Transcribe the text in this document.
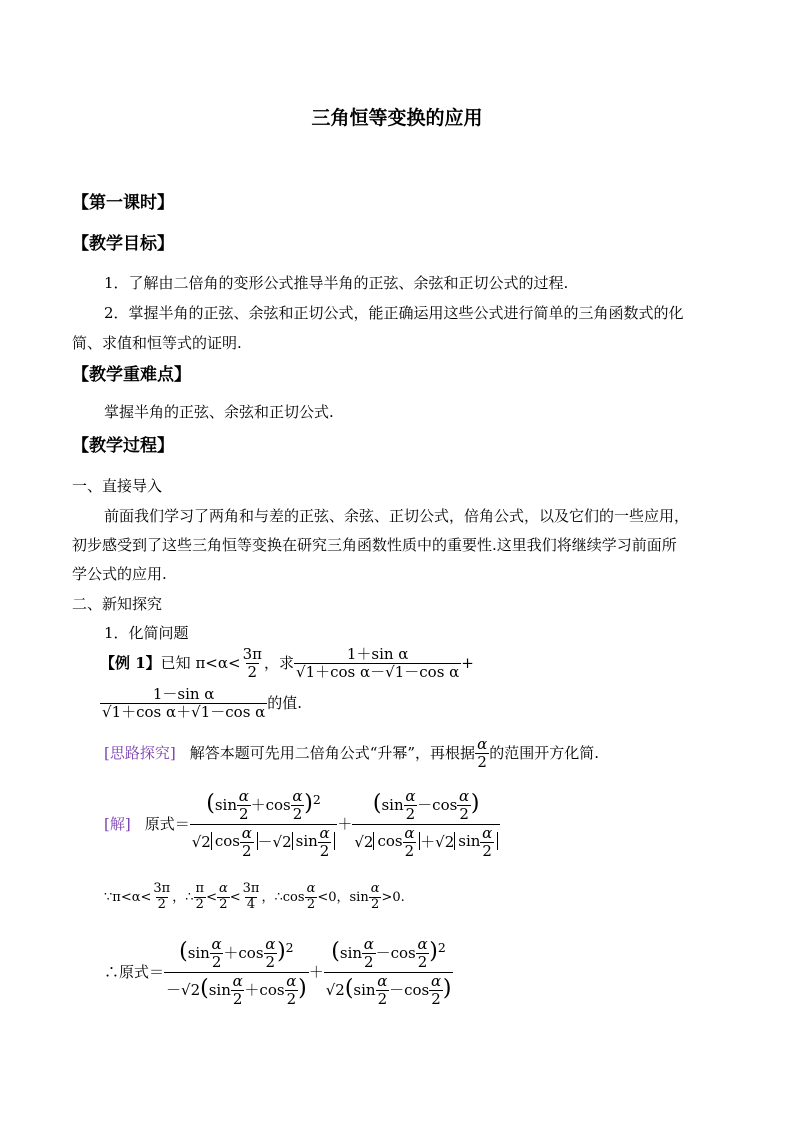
三角恒等变换的应用
【第一课时】
【教学目标】
1．了解由二倍角的变形公式推导半角的正弦、余弦和正切公式的过程.
2．掌握半角的正弦、余弦和正切公式，能正确运用这些公式进行简单的三角函数式的化
简、求值和恒等式的证明.
【教学重难点】
掌握半角的正弦、余弦和正切公式.
【教学过程】
一、直接导入
前面我们学习了两角和与差的正弦、余弦、正切公式，倍角公式，以及它们的一些应用，
初步感受到了这些三角恒等变换在研究三角函数性质中的重要性.这里我们将继续学习前面所
学公式的应用.
二、新知探究
1．化简问题
【例 1】 已知 $\pi<\alpha< \frac{3\pi}{2}$ ，求 $\frac{\text{1＋sin α}}{\text{√1＋cos α－√1－cos α}}$ +
$\frac{\text{1－sin α}}{\text{√1＋cos α＋√1－cos α}}$ 的值.
[思路探究] 解答本题可先用二倍角公式“升幂”，再根据 $\frac{\alpha}{2}$ 的范围开方化简.
[解] 原式＝ $\frac{(\sin \frac{\alpha}{2} +\cos \frac{\alpha}{2} )^2}{√2 \cos \frac{\alpha}{2} -√2 \sin \frac{\alpha}{2}} + \frac{(\sin \frac{\alpha}{2} -\cos \frac{\alpha}{2} )}{√2 \cos \frac{\alpha}{2} +√2 \sin \frac{\alpha}{2}}$
∵π<α< $\frac{3\pi}{2}$ ， ∴ $\frac{\pi}{2} < \frac{\alpha}{2} < \frac{3\pi}{4}$ ， ∴cos $\frac{\alpha}{2} <0$， $\sin \frac{\alpha}{2} >0$.
∴原式＝ $\frac{(\sin \frac{\alpha}{2} +\cos \frac{\alpha}{2} )^2}{-√2(\sin \frac{\alpha}{2} +\cos \frac{\alpha}{2} )} + \frac{(\sin \frac{\alpha}{2} -\cos \frac{\alpha}{2} )^2}{√2(\sin \frac{\alpha}{2} -\cos \frac{\alpha}{2} )}$
